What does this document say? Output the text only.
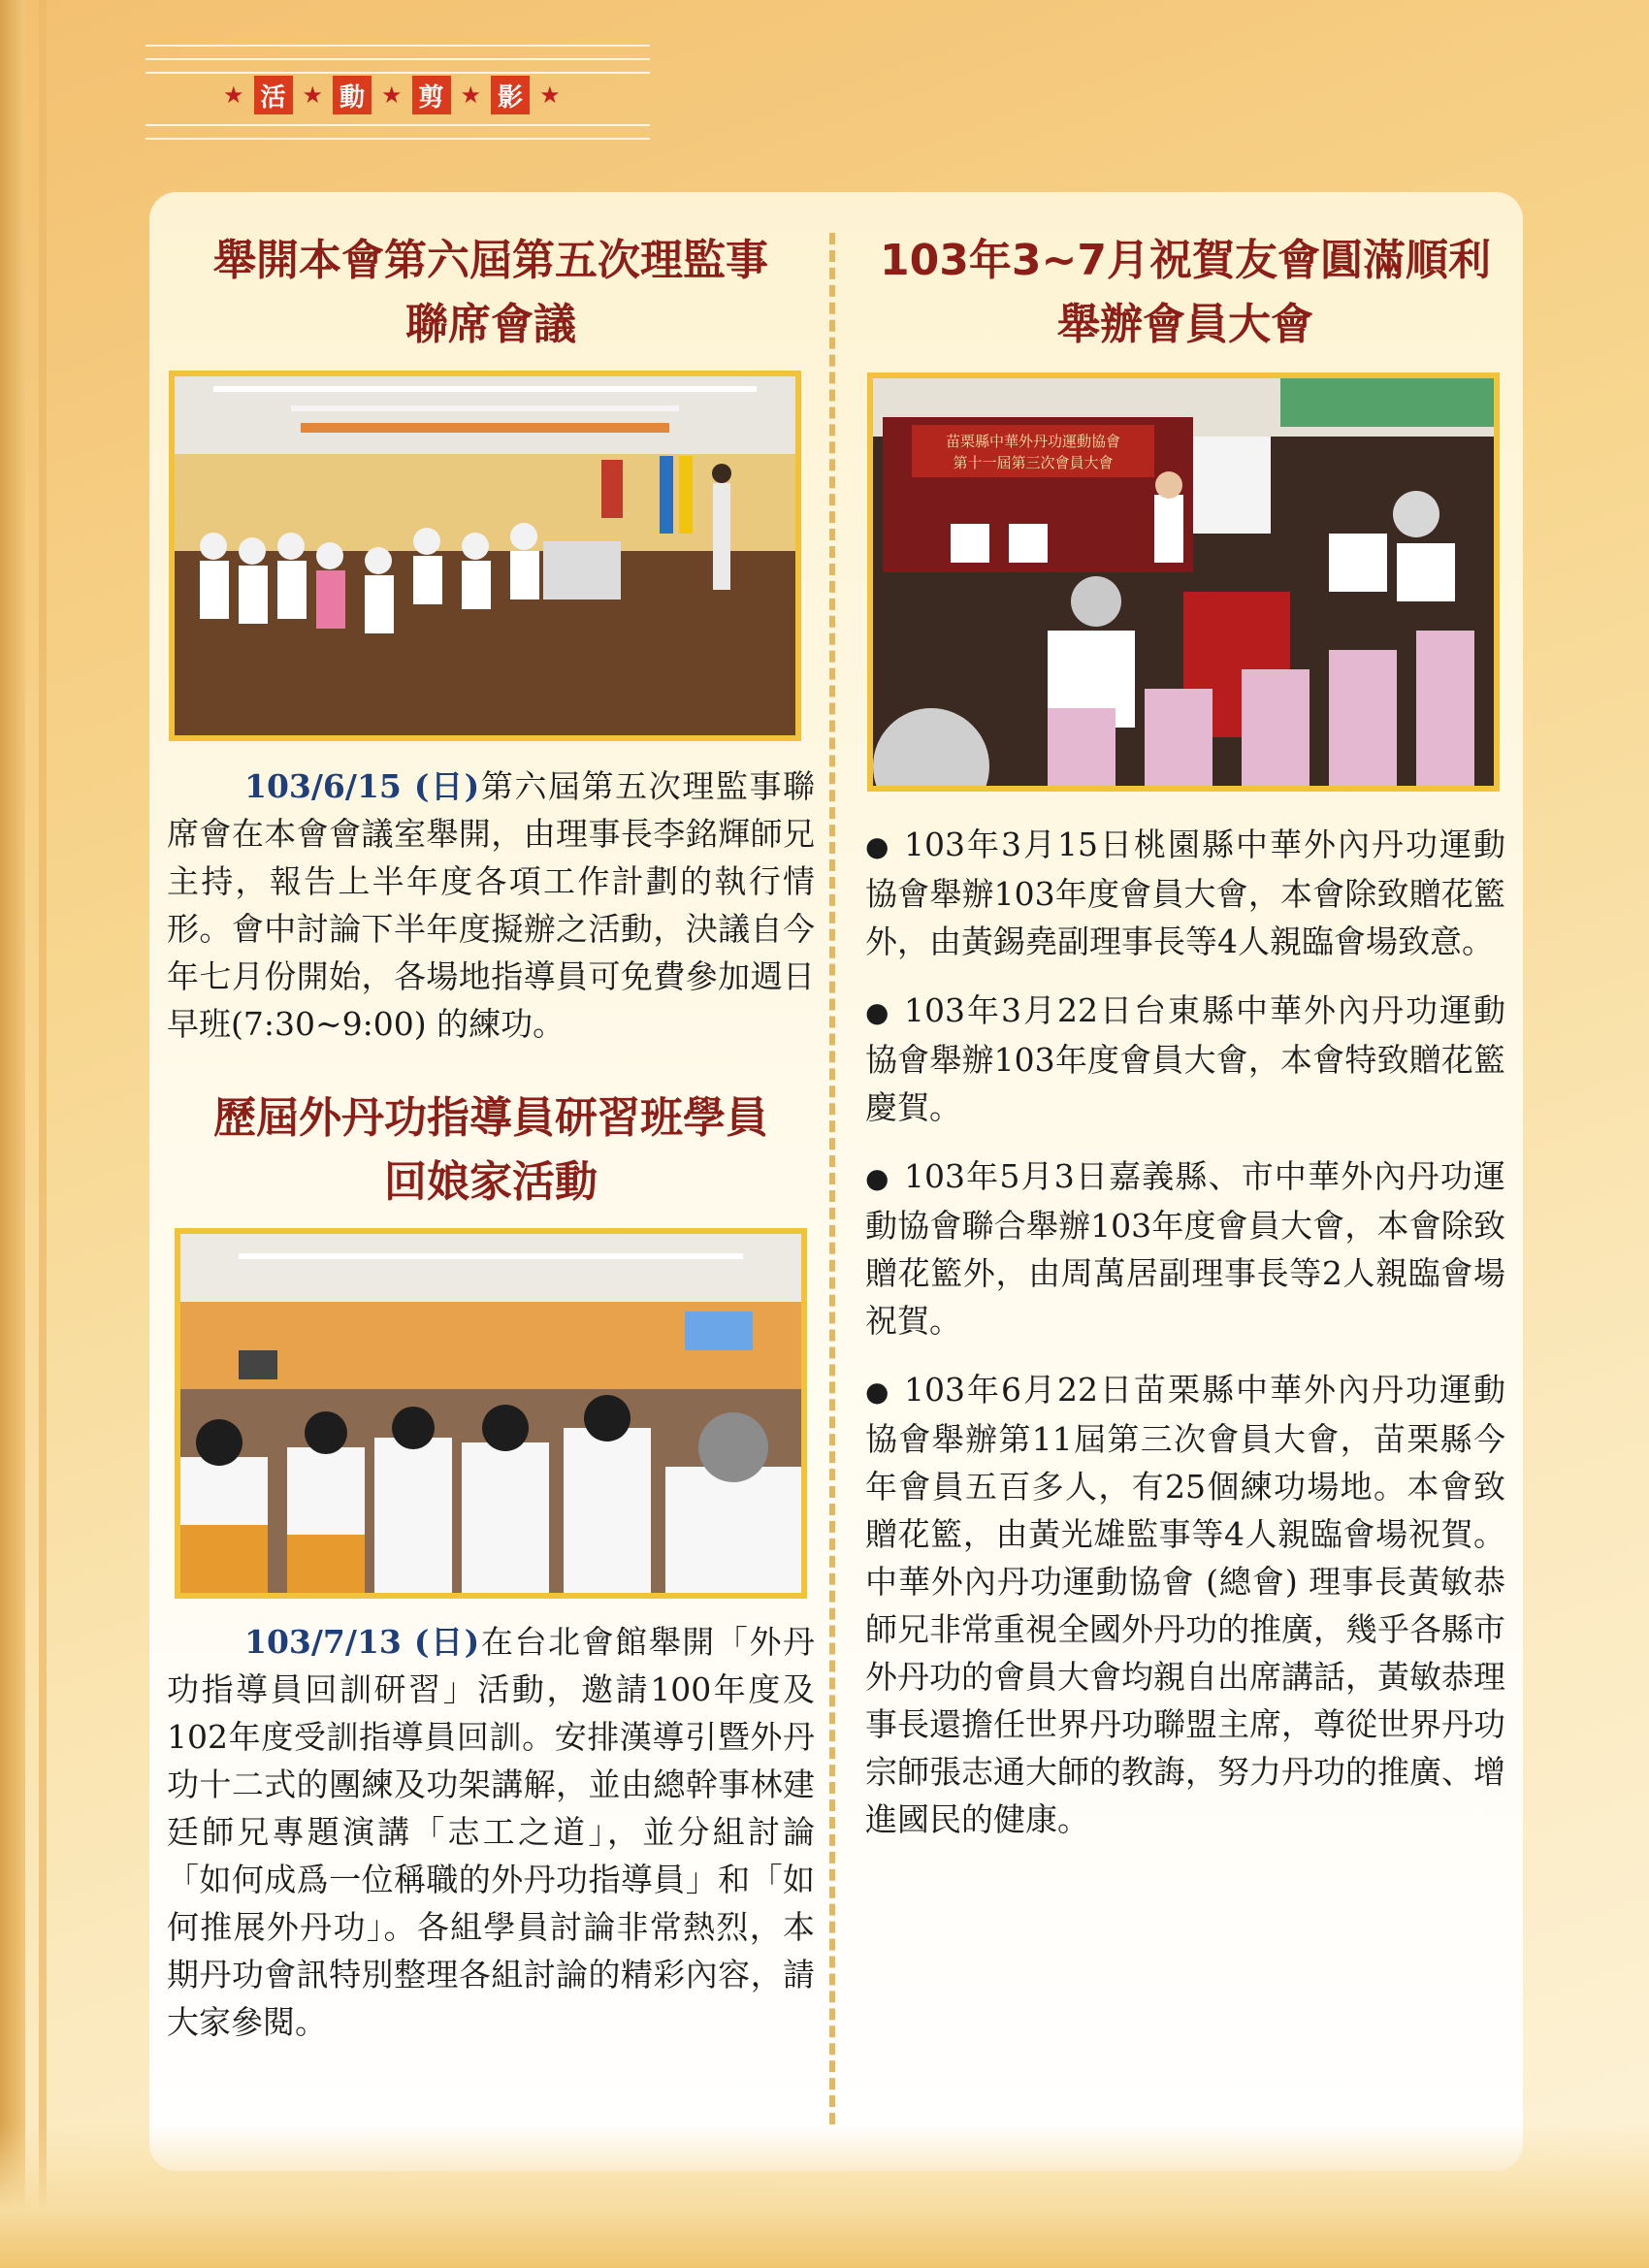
★ 活 ★ 動 ★ 剪 ★ 影 ★
舉開本會第六屆第五次理監事
聯席會議

103/6/15 (日)第六屆第五次理監事聯席會在本會會議室舉開，由理事長李銘輝師兄主持，報告上半年度各項工作計劃的執行情形。會中討論下半年度擬辦之活動，決議自今年七月份開始，各場地指導員可免費參加週日早班(7:30~9:00) 的練功。

歷屆外丹功指導員研習班學員
回娘家活動

103/7/13 (日)在台北會館舉開「外丹功指導員回訓研習」活動，邀請100年度及102年度受訓指導員回訓。安排漢導引暨外丹功十二式的團練及功架講解，並由總幹事林建廷師兄專題演講「志工之道」，並分組討論「如何成爲一位稱職的外丹功指導員」和「如何推展外丹功」。各組學員討論非常熱烈，本期丹功會訊特別整理各組討論的精彩內容，請大家參閱。

103年3~7月祝賀友會圓滿順利
舉辦會員大會
苗栗縣中華外丹功運動協會
第十一屆第三次會員大會

● 103年3月15日桃園縣中華外內丹功運動協會舉辦103年度會員大會，本會除致贈花籃外，由黃錫堯副理事長等4人親臨會場致意。

● 103年3月22日台東縣中華外內丹功運動協會舉辦103年度會員大會，本會特致贈花籃慶賀。

● 103年5月3日嘉義縣、市中華外內丹功運動協會聯合舉辦103年度會員大會，本會除致贈花籃外，由周萬居副理事長等2人親臨會場祝賀。

● 103年6月22日苗栗縣中華外內丹功運動協會舉辦第11屆第三次會員大會，苗栗縣今年會員五百多人，有25個練功場地。本會致贈花籃，由黃光雄監事等4人親臨會場祝賀。中華外內丹功運動協會 (總會) 理事長黃敏恭師兄非常重視全國外丹功的推廣，幾乎各縣市外丹功的會員大會均親自出席講話，黃敏恭理事長還擔任世界丹功聯盟主席，尊從世界丹功宗師張志通大師的教誨，努力丹功的推廣、增進國民的健康。
